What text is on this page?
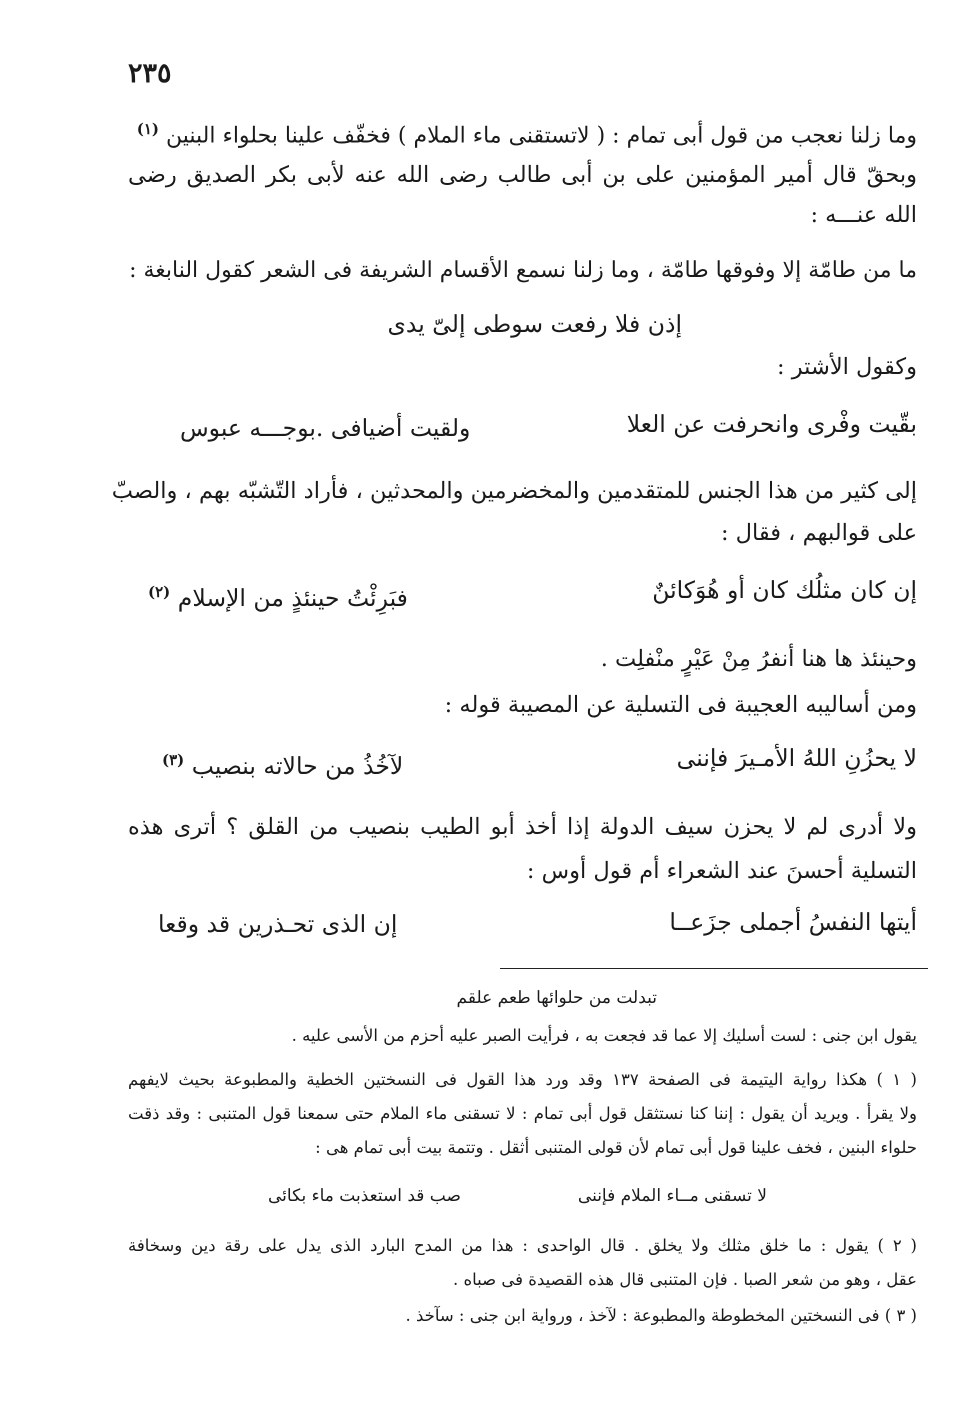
٢٣٥
وما زلنا نعجب من قول أبى تمام : ( لاتستقنى ماء الملام ) فخفّف علينا بحلواء البنين $^{(١)}$
وبحقّ قال أمير المؤمنين على بن أبى طالب رضى الله عنه لأبى بكر الصديق رضى
الله عنـــه :
ما من طامّة إلا وفوقها طامّة ، وما زلنا نسمع الأقسام الشريفة فى الشعر كقول النابغة :
إذن فلا رفعت سوطى إلىّ يدى
وكقول الأشتر :
بقّيت وفْرى وانحرفت عن العلا
ولقيت أضيافى .بوجـــه عبوس
إلى كثير من هذا الجنس للمتقدمين والمخضرمين والمحدثين ، فأراد التّشبّه بهم ، والصبّ
على قوالبهم ، فقال :
إن كان مثلُك كان أو هُوَكائنٌ
فبَرِئْتُ حينئذٍ من الإسلام $^{(٢)}$
وحينئذ ها هنا أنفرُ مِنْ عَيْرٍ منْفلِت .
ومن أساليبه العجيبة فى التسلية عن المصيبة قوله :
لا يحزُنِ اللهُ الأمـيرَ فإننى
لآخُذُ من حالاته بنصيب $^{(٣)}$
ولا أدرى لم لا يحزن سيف الدولة إذا أخذ أبو الطيب بنصيب من القلق ؟ أترى هذه
التسلية أحسنَ عند الشعراء أم قول أوس :
أيتها النفسُ أجملى جزَعــا
إن الذى تحـذرين قد وقعا
تبدلت من حلوائها طعم علقم
يقول ابن جنى : لست أسليك إلا عما قد فجعت به ، فرأيت الصبر عليه أحزم من الأسى عليه .
( ١ ) هكذا رواية اليتيمة فى الصفحة ١٣٧ وقد ورد هذا القول فى النسختين الخطية والمطبوعة بحيث لايفهم
ولا يقرأ . ويريد أن يقول : إننا كنا نستثقل قول أبى تمام : لا تسقنى ماء الملام حتى سمعنا قول المتنبى : وقد ذقت
حلواء البنين ، فخف علينا قول أبى تمام لأن قولى المتنبى أثقل . وتتمة بيت أبى تمام هى :
لا تسقنى مــاء الملام فإننى
صب قد استعذبت ماء بكائى
( ٢ ) يقول : ما خلق مثلك ولا يخلق . قال الواحدى : هذا من المدح البارد الذى يدل على رقة دين وسخافة
عقل ، وهو من شعر الصبا . فإن المتنبى قال هذه القصيدة فى صباه .
( ٣ ) فى النسختين المخطوطة والمطبوعة : لآخذ ، ورواية ابن جنى : سآخذ .
